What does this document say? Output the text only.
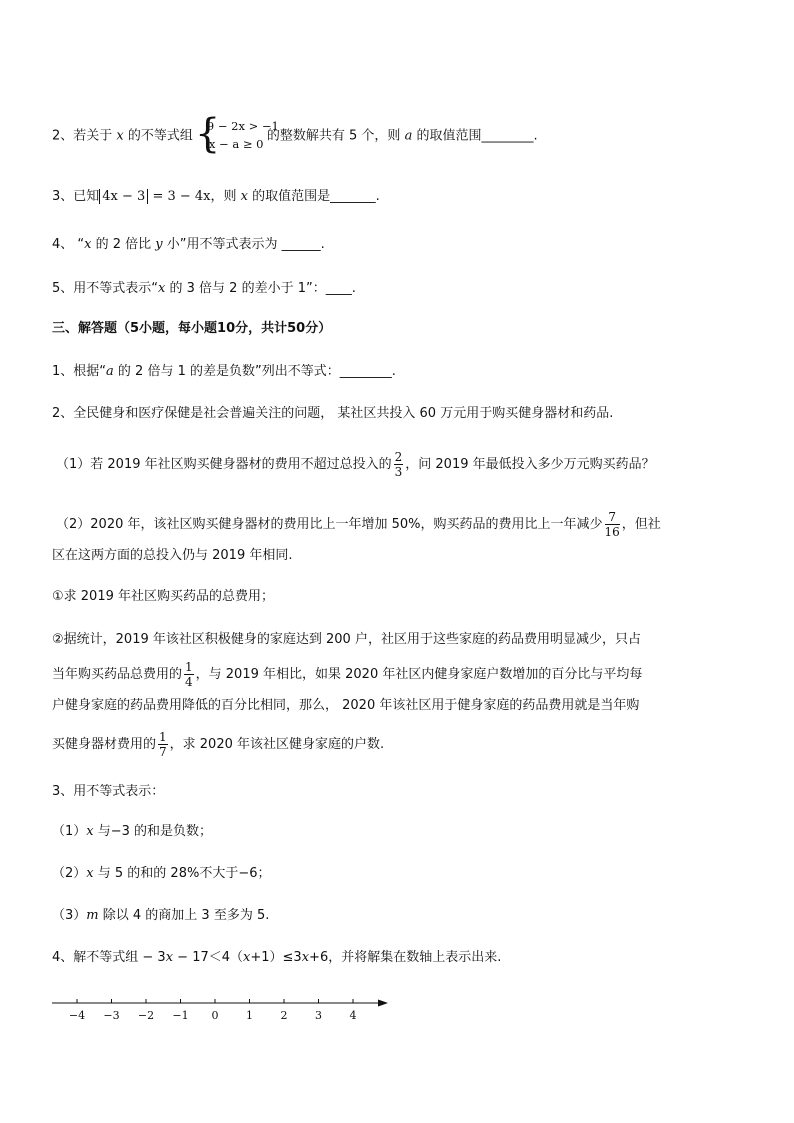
2、若关于 x 的不等式组 {
9 − 2x > −1
x − a ≥ 0
的整数解共有 5 个，则 a 的取值范围________.
3、已知 4x − 3 = 3 − 4x，则 x 的取值范围是_______.
4、 “x 的 2 倍比 y 小”用不等式表示为 ______.
5、用不等式表示“x 的 3 倍与 2 的差小于 1”：____.
三、解答题（5小题，每小题10分，共计50分）
1、根据“a 的 2 倍与 1 的差是负数”列出不等式：________.
2、全民健身和医疗保健是社会普遍关注的问题， 某社区共投入 60 万元用于购买健身器材和药品.
（1）若 2019 年社区购买健身器材的费用不超过总投入的 $\frac{2}{3}$ ，问 2019 年最低投入多少万元购买药品？
（2）2020 年，该社区购买健身器材的费用比上一年增加 50%，购买药品的费用比上一年减少 $\frac{7}{16}$ ，但社
区在这两方面的总投入仍与 2019 年相同.
①求 2019 年社区购买药品的总费用；
②据统计，2019 年该社区积极健身的家庭达到 200 户，社区用于这些家庭的药品费用明显减少，只占
当年购买药品总费用的 $\frac{1}{4}$ ，与 2019 年相比，如果 2020 年社区内健身家庭户数增加的百分比与平均每
户健身家庭的药品费用降低的百分比相同，那么， 2020 年该社区用于健身家庭的药品费用就是当年购
买健身器材费用的 $\frac{1}{7}$ ，求 2020 年该社区健身家庭的户数.
3、用不等式表示：
（1）x 与−3 的和是负数；
（2）x 与 5 的和的 28%不大于−6；
（3）m 除以 4 的商加上 3 至多为 5.
4、解不等式组 − 3x − 17＜4（x+1）≤3x+6，并将解集在数轴上表示出来.
−4 −3 −2 −1 0	1	2	3	4
